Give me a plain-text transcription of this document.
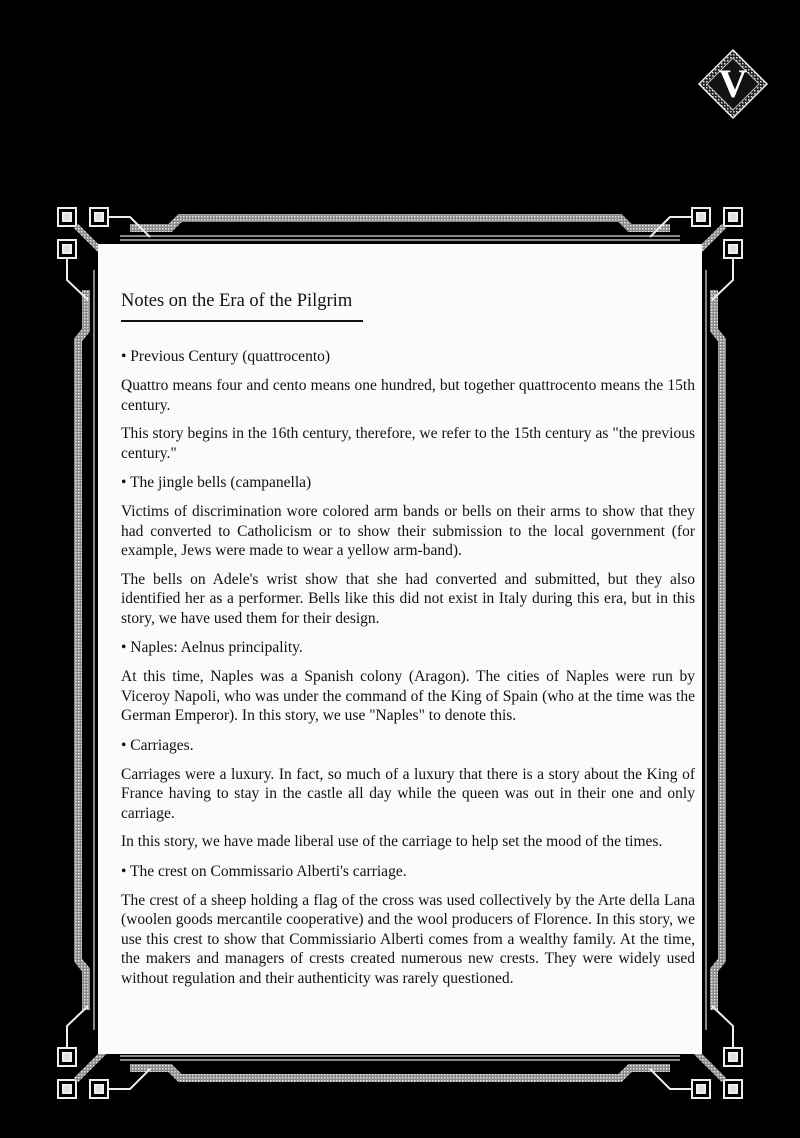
V
Notes on the Era of the Pilgrim
• Previous Century (quattrocento)

Quattro means four and cento means one hundred, but together quattrocento means the 15th century.

This story begins in the 16th century, therefore, we refer to the 15th century as "the previous century."

• The jingle bells (campanella)

Victims of discrimination wore colored arm bands or bells on their arms to show that they had converted to Catholicism or to show their submission to the local government (for example, Jews were made to wear a yellow arm-band).

The bells on Adele's wrist show that she had converted and submitted, but they also identified her as a performer. Bells like this did not exist in Italy during this era, but in this story, we have used them for their design.

• Naples: Aelnus principality.

At this time, Naples was a Spanish colony (Aragon). The cities of Naples were run by Viceroy Napoli, who was under the command of the King of Spain (who at the time was the German Emperor). In this story, we use "Naples" to denote this.

• Carriages.

Carriages were a luxury. In fact, so much of a luxury that there is a story about the King of France having to stay in the castle all day while the queen was out in their one and only carriage.

In this story, we have made liberal use of the carriage to help set the mood of the times.

• The crest on Commissario Alberti's carriage.

The crest of a sheep holding a flag of the cross was used collectively by the Arte della Lana (woolen goods mercantile cooperative) and the wool producers of Florence. In this story, we use this crest to show that Commissiario Alberti comes from a wealthy family. At the time, the makers and managers of crests created numerous new crests. They were widely used without regulation and their authenticity was rarely questioned.
